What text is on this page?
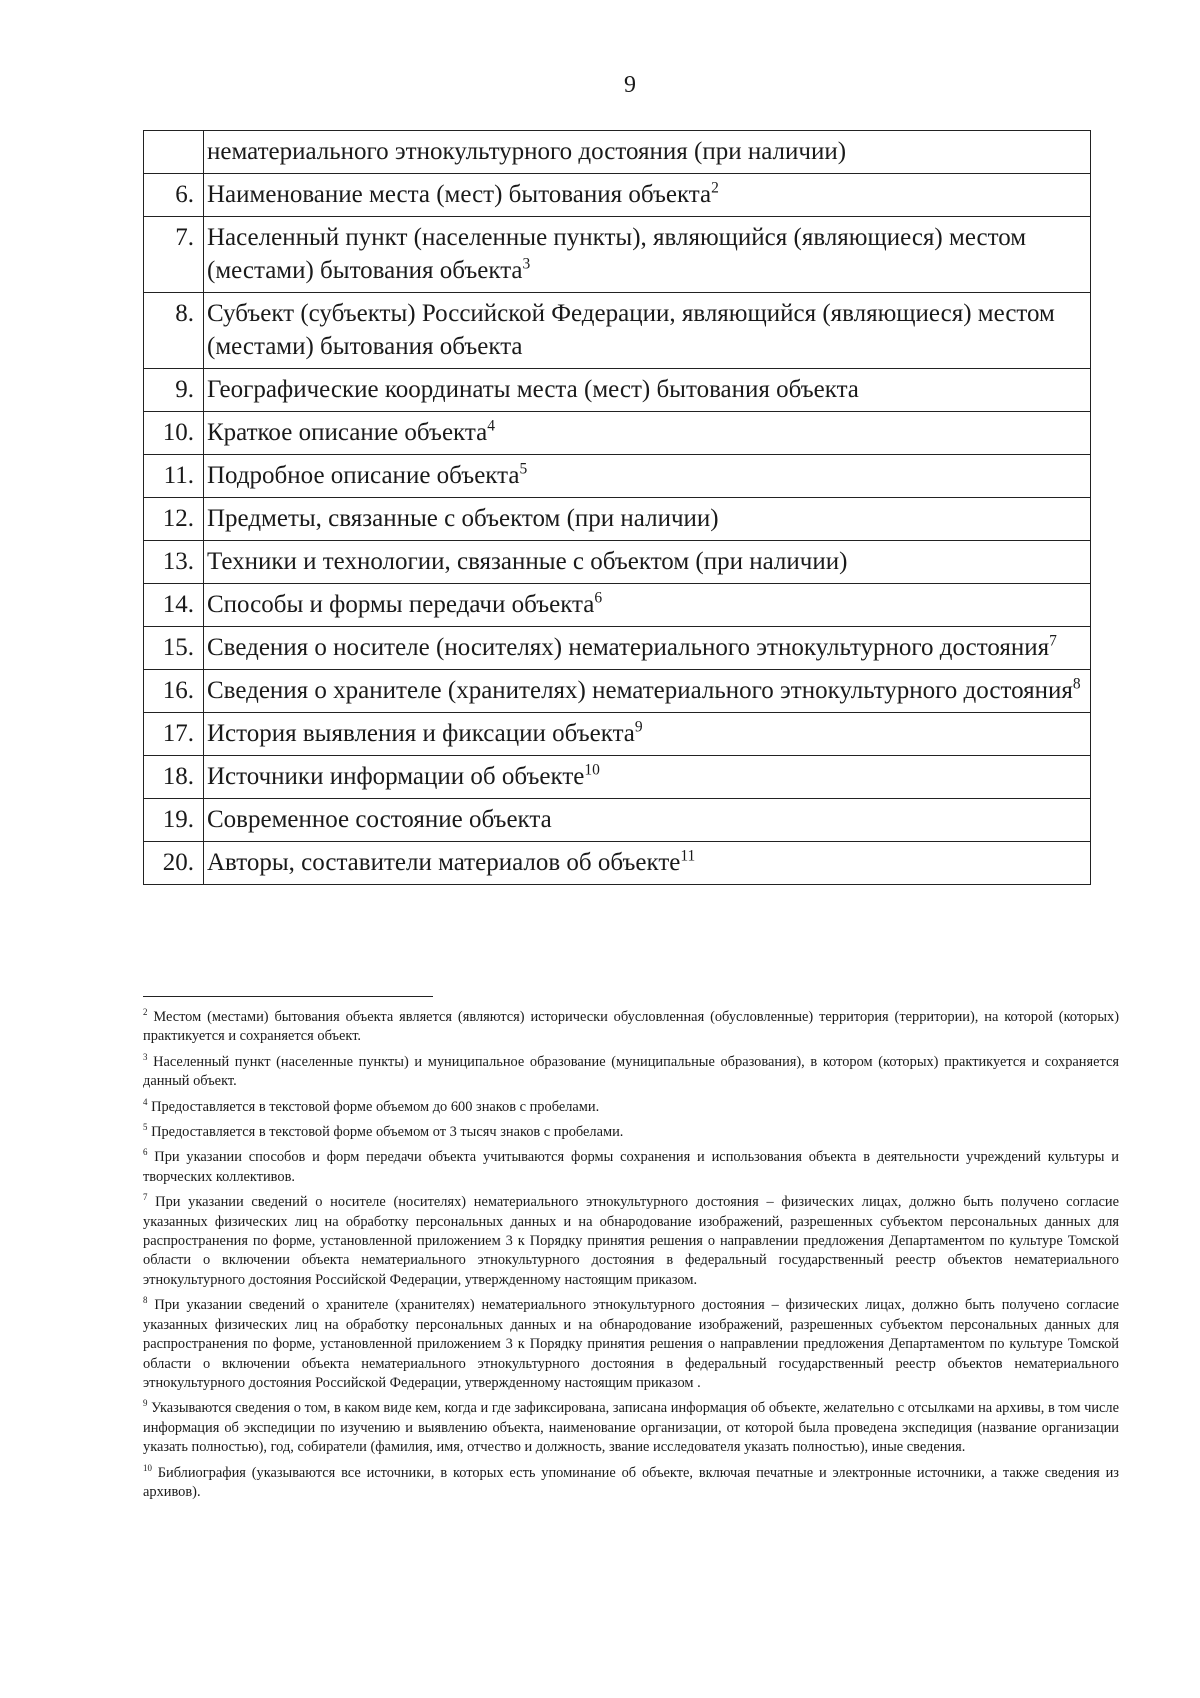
9
	нематериального этнокультурного достояния (при наличии)
6.	Наименование места (мест) бытования объекта$^2$
7.	Населенный пункт (населенные пункты), являющийся (являющиеся) местом (местами) бытования объекта$^3$
8.	Субъект (субъекты) Российской Федерации, являющийся (являющиеся) местом (местами) бытования объекта
9.	Географические координаты места (мест) бытования объекта
10.	Краткое описание объекта$^4$
11.	Подробное описание объекта$^5$
12.	Предметы, связанные с объектом (при наличии)
13.	Техники и технологии, связанные с объектом (при наличии)
14.	Способы и формы передачи объекта$^6$
15.	Сведения о носителе (носителях) нематериального этнокультурного достояния$^7$
16.	Сведения о хранителе (хранителях) нематериального этнокультурного достояния$^8$
17.	История выявления и фиксации объекта$^9$
18.	Источники информации об объекте$^{10}$
19.	Современное состояние объекта
20.	Авторы, составители материалов об объекте$^{11}$

$^2$ Местом (местами) бытования объекта является (являются) исторически обусловленная (обусловленные) территория (территории), на которой (которых) практикуется и сохраняется объект.

$^3$ Населенный пункт (населенные пункты) и муниципальное образование (муниципальные образования), в котором (которых) практикуется и сохраняется данный объект.

$^4$ Предоставляется в текстовой форме объемом до 600 знаков с пробелами.

$^5$ Предоставляется в текстовой форме объемом от 3 тысяч знаков с пробелами.

$^6$ При указании способов и форм передачи объекта учитываются формы сохранения и использования объекта в деятельности учреждений культуры и творческих коллективов.

$^7$ При указании сведений о носителе (носителях) нематериального этнокультурного достояния – физических лицах, должно быть получено согласие указанных физических лиц на обработку персональных данных и на обнародование изображений, разрешенных субъектом персональных данных для распространения по форме, установленной приложением 3 к Порядку принятия решения о направлении предложения Департаментом по культуре Томской области о включении объекта нематериального этнокультурного достояния в федеральный государственный реестр объектов нематериального этнокультурного достояния Российской Федерации, утвержденному настоящим приказом.

$^8$ При указании сведений о хранителе (хранителях) нематериального этнокультурного достояния – физических лицах, должно быть получено согласие указанных физических лиц на обработку персональных данных и на обнародование изображений, разрешенных субъектом персональных данных для распространения по форме, установленной приложением 3 к Порядку принятия решения о направлении предложения Департаментом по культуре Томской области о включении объекта нематериального этнокультурного достояния в федеральный государственный реестр объектов нематериального этнокультурного достояния Российской Федерации, утвержденному настоящим приказом .

$^9$ Указываются сведения о том, в каком виде кем, когда и где зафиксирована, записана информация об объекте, желательно с отсылками на архивы, в том числе информация об экспедиции по изучению и выявлению объекта, наименование организации, от которой была проведена экспедиция (название организации указать полностью), год, собиратели (фамилия, имя, отчество и должность, звание исследователя указать полностью), иные сведения.

$^{10}$ Библиография (указываются все источники, в которых есть упоминание об объекте, включая печатные и электронные источники, а также сведения из архивов).
